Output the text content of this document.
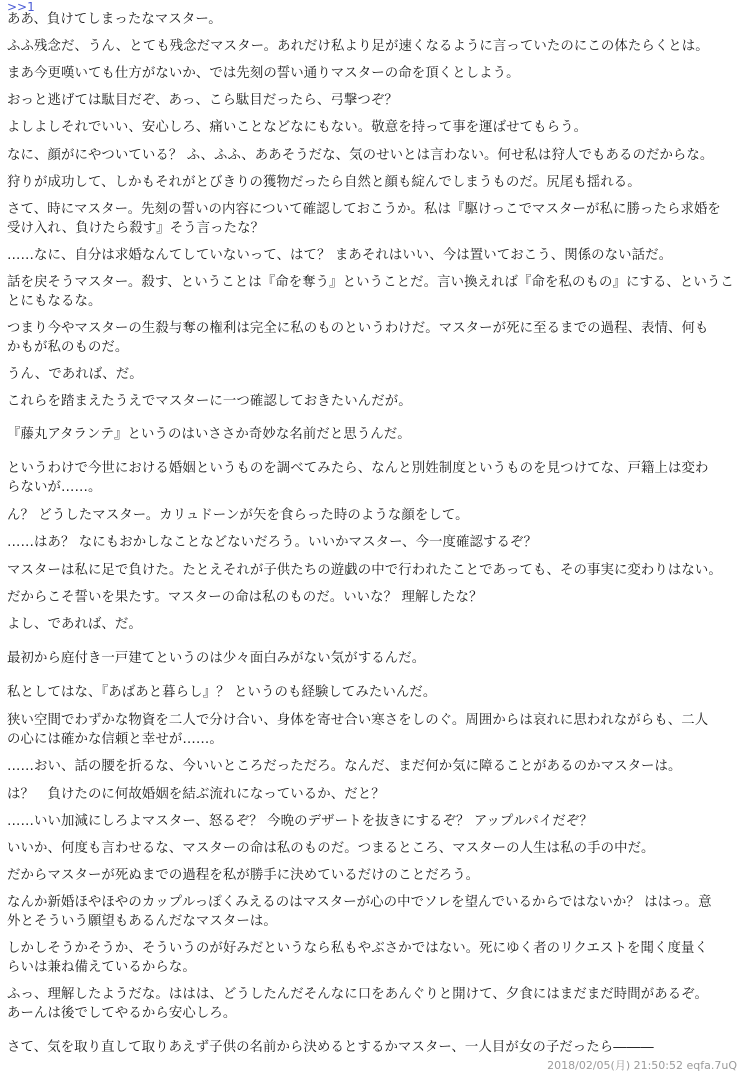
>>1

ああ、負けてしまったなマスター。

ふふ残念だ、うん、とても残念だマスター。あれだけ私より足が速くなるように言っていたのにこの体たらくとは。

まあ今更嘆いても仕方がないか、では先刻の誓い通りマスターの命を頂くとしよう。

おっと逃げては駄目だぞ、あっ、こら駄目だったら、弓撃つぞ？

よしよしそれでいい、安心しろ、痛いことなどなにもない。敬意を持って事を運ばせてもらう。

なに、顔がにやついている？ ふ、ふふ、ああそうだな、気のせいとは言わない。何せ私は狩人でもあるのだからな。

狩りが成功して、しかもそれがとびきりの獲物だったら自然と顔も綻んでしまうものだ。尻尾も揺れる。

さて、時にマスター。先刻の誓いの内容について確認しておこうか。私は『駆けっこでマスターが私に勝ったら求婚を

受け入れ、負けたら殺す』そう言ったな？

……なに、自分は求婚なんてしていないって、はて？ まあそれはいい、今は置いておこう、関係のない話だ。

話を戻そうマスター。殺す、ということは『命を奪う』ということだ。言い換えれば『命を私のもの』にする、というこ

とにもなるな。

つまり今やマスターの生殺与奪の権利は完全に私のものというわけだ。マスターが死に至るまでの過程、表情、何も

かもが私のものだ。

うん、であれば、だ。

これらを踏まえたうえでマスターに一つ確認しておきたいんだが。

『藤丸アタランテ』というのはいささか奇妙な名前だと思うんだ。

というわけで今世における婚姻というものを調べてみたら、なんと別姓制度というものを見つけてな、戸籍上は変わ

らないが……。

ん？ どうしたマスター。カリュドーンが矢を食らった時のような顔をして。

……はあ？ なにもおかしなことなどないだろう。いいかマスター、今一度確認するぞ？

マスターは私に足で負けた。たとえそれが子供たちの遊戯の中で行われたことであっても、その事実に変わりはない。

だからこそ誓いを果たす。マスターの命は私のものだ。いいな？ 理解したな？

よし、であれば、だ。

最初から庭付き一戸建てというのは少々面白みがない気がするんだ。

私としてはな、『あばあと暮らし』？ というのも経験してみたいんだ。

狭い空間でわずかな物資を二人で分け合い、身体を寄せ合い寒さをしのぐ。周囲からは哀れに思われながらも、二人

の心には確かな信頼と幸せが……。

……おい、話の腰を折るな、今いいところだっただろ。なんだ、まだ何か気に障ることがあるのかマスターは。

は？　負けたのに何故婚姻を結ぶ流れになっているか、だと？

……いい加減にしろよマスター、怒るぞ？ 今晩のデザートを抜きにするぞ？ アップルパイだぞ？

いいか、何度も言わせるな、マスターの命は私のものだ。つまるところ、マスターの人生は私の手の中だ。

だからマスターが死ぬまでの過程を私が勝手に決めているだけのことだろう。

なんか新婚ほやほやのカップルっぽくみえるのはマスターが心の中でソレを望んでいるからではないか？ ははっ。意

外とそういう願望もあるんだなマスターは。

しかしそうかそうか、そういうのが好みだというなら私もやぶさかではない。死にゆく者のリクエストを聞く度量く

らいは兼ね備えているからな。

ふっ、理解したようだな。ははは、どうしたんだそんなに口をあんぐりと開けて、夕食にはまだまだ時間があるぞ。

あーんは後でしてやるから安心しろ。

さて、気を取り直して取りあえず子供の名前から決めるとするかマスター、一人目が女の子だったら―――

2018/02/05(月) 21:50:52 eqfa.7uQ
